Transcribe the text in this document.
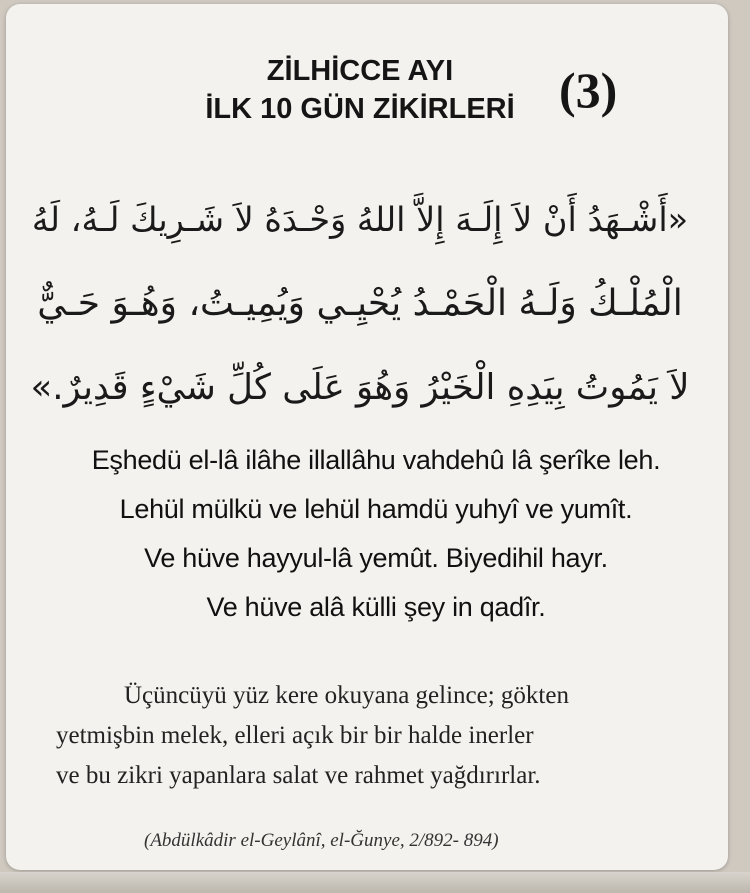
ZİLHİCCE AYI
İLK 10 GÜN ZİKİRLERİ (3)
«أَشْـهَدُ أَنْ لاَ إِلَـهَ إِلاَّ اللهُ وَحْـدَهُ لاَ شَـرِيكَ لَـهُ، لَهُ
الْمُلْـكُ وَلَـهُ الْحَمْـدُ يُحْيِـي وَيُمِيـتُ، وَهُـوَ حَـيٌّ
لاَ يَمُوتُ بِيَدِهِ الْخَيْرُ وَهُوَ عَلَى كُلِّ شَيْءٍ قَدِيرٌ.»
Eşhedü el-lâ ilâhe illallâhu vahdehû lâ şerîke leh.
Lehül mülkü ve lehül hamdü yuhyî ve yumît.
Ve hüve hayyul-lâ yemût. Biyedihil hayr.
Ve hüve alâ külli şey in qadîr.
Üçüncüyü yüz kere okuyana gelince; gökten
yetmişbin melek, elleri açık bir bir halde inerler
ve bu zikri yapanlara salat ve rahmet yağdırırlar.
(Abdülkâdir el-Geylânî, el-Ğunye, 2/892- 894)
